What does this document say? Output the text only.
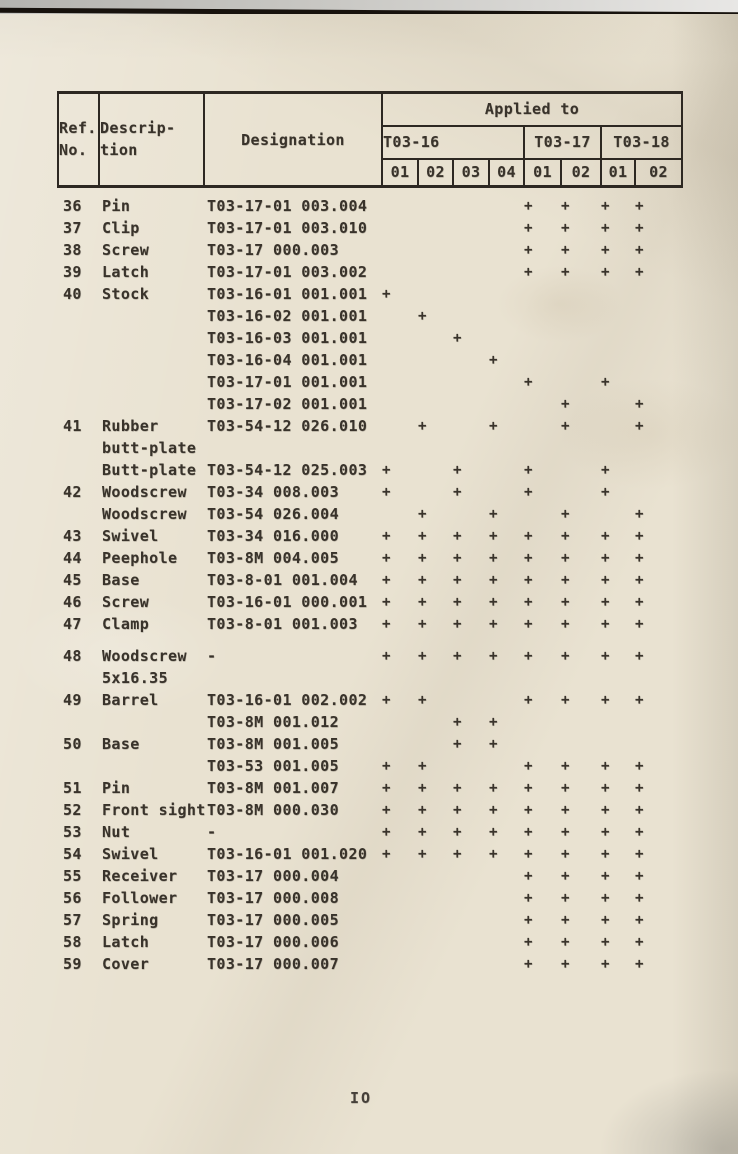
Ref.
No.	Descrip-
tion	Designation	Applied to							
			T03-16				T03-17		T03-18	
			01	02	03	04	01	02	01	02

36	Pin	T03-17-01 003.004					+	+	+	+
37	Clip	T03-17-01 003.010					+	+	+	+
38	Screw	T03-17 000.003					+	+	+	+
39	Latch	T03-17-01 003.002					+	+	+	+
40	Stock	T03-16-01 001.001	+							
		T03-16-02 001.001		+						
		T03-16-03 001.001			+					
		T03-16-04 001.001				+				
		T03-17-01 001.001					+		+	
		T03-17-02 001.001						+		+
41	Rubber	T03-54-12 026.010		+		+		+		+
	butt-plate									
	Butt-plate	T03-54-12 025.003	+		+		+		+	
42	Woodscrew	T03-34 008.003	+		+		+		+	
	Woodscrew	T03-54 026.004		+		+		+		+
43	Swivel	T03-34 016.000	+	+	+	+	+	+	+	+
44	Peephole	T03-8M 004.005	+	+	+	+	+	+	+	+
45	Base	T03-8-01 001.004	+	+	+	+	+	+	+	+
46	Screw	T03-16-01 000.001	+	+	+	+	+	+	+	+
47	Clamp	T03-8-01 001.003	+	+	+	+	+	+	+	+
48	Woodscrew	-	+	+	+	+	+	+	+	+
	5x16.35									
49	Barrel	T03-16-01 002.002	+	+			+	+	+	+
		T03-8M 001.012			+	+				
50	Base	T03-8M 001.005			+	+				
		T03-53 001.005	+	+			+	+	+	+
51	Pin	T03-8M 001.007	+	+	+	+	+	+	+	+
52	Front sight	T03-8M 000.030	+	+	+	+	+	+	+	+
53	Nut	-	+	+	+	+	+	+	+	+
54	Swivel	T03-16-01 001.020	+	+	+	+	+	+	+	+
55	Receiver	T03-17 000.004					+	+	+	+
56	Follower	T03-17 000.008					+	+	+	+
57	Spring	T03-17 000.005					+	+	+	+
58	Latch	T03-17 000.006					+	+	+	+
59	Cover	T03-17 000.007					+	+	+	+
IO
